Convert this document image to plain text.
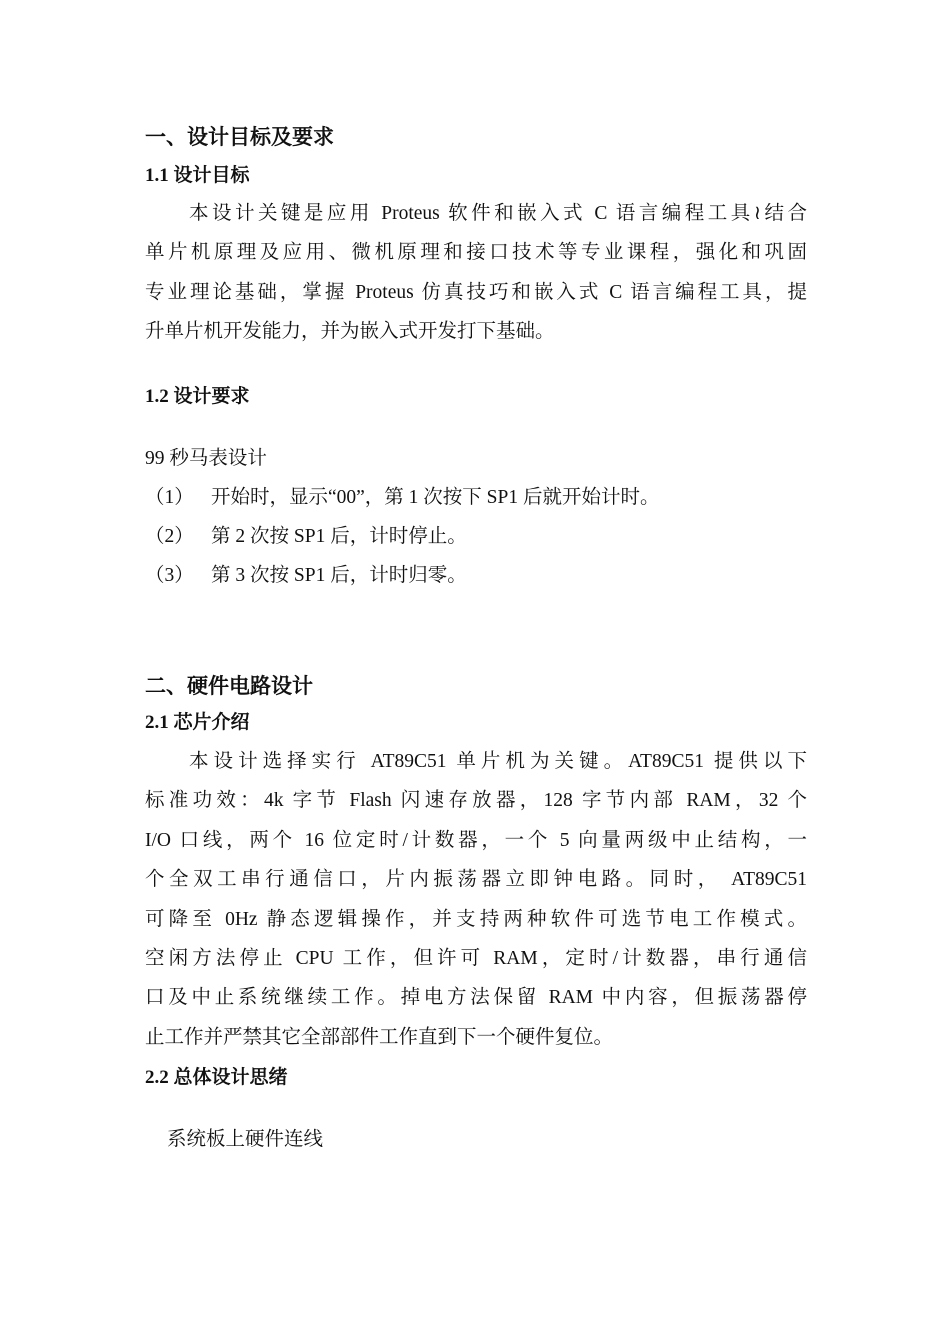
一、设计目标及要求
1.1 设计目标
本设计关键是应用 Proteus 软件和嵌入式 C 语言编程工具≀结合
单片机原理及应用、微机原理和接口技术等专业课程，强化和巩固
专业理论基础，掌握 Proteus 仿真技巧和嵌入式 C 语言编程工具，提
升单片机开发能力，并为嵌入式开发打下基础。
1.2 设计要求
99 秒马表设计
（1） 开始时，显示“00”，第 1 次按下 SP1 后就开始计时。
（2） 第 2 次按 SP1 后，计时停止。
（3） 第 3 次按 SP1 后，计时归零。
二、硬件电路设计
2.1 芯片介绍
本设计选择实行 AT89C51 单片机为关键。AT89C51 提供以下
标准功效：4k 字节 Flash 闪速存放器，128 字节内部 RAM，32 个
I/O 口线，两个 16 位定时/计数器，一个 5 向量两级中止结构，一
个全双工串行通信口，片内振荡器立即钟电路。同时， AT89C51
可降至 0Hz 静态逻辑操作，并支持两种软件可选节电工作模式。
空闲方法停止 CPU 工作，但许可 RAM，定时/计数器，串行通信
口及中止系统继续工作。掉电方法保留 RAM 中内容，但振荡器停
止工作并严禁其它全部部件工作直到下一个硬件复位。
2.2 总体设计思绪
系统板上硬件连线
